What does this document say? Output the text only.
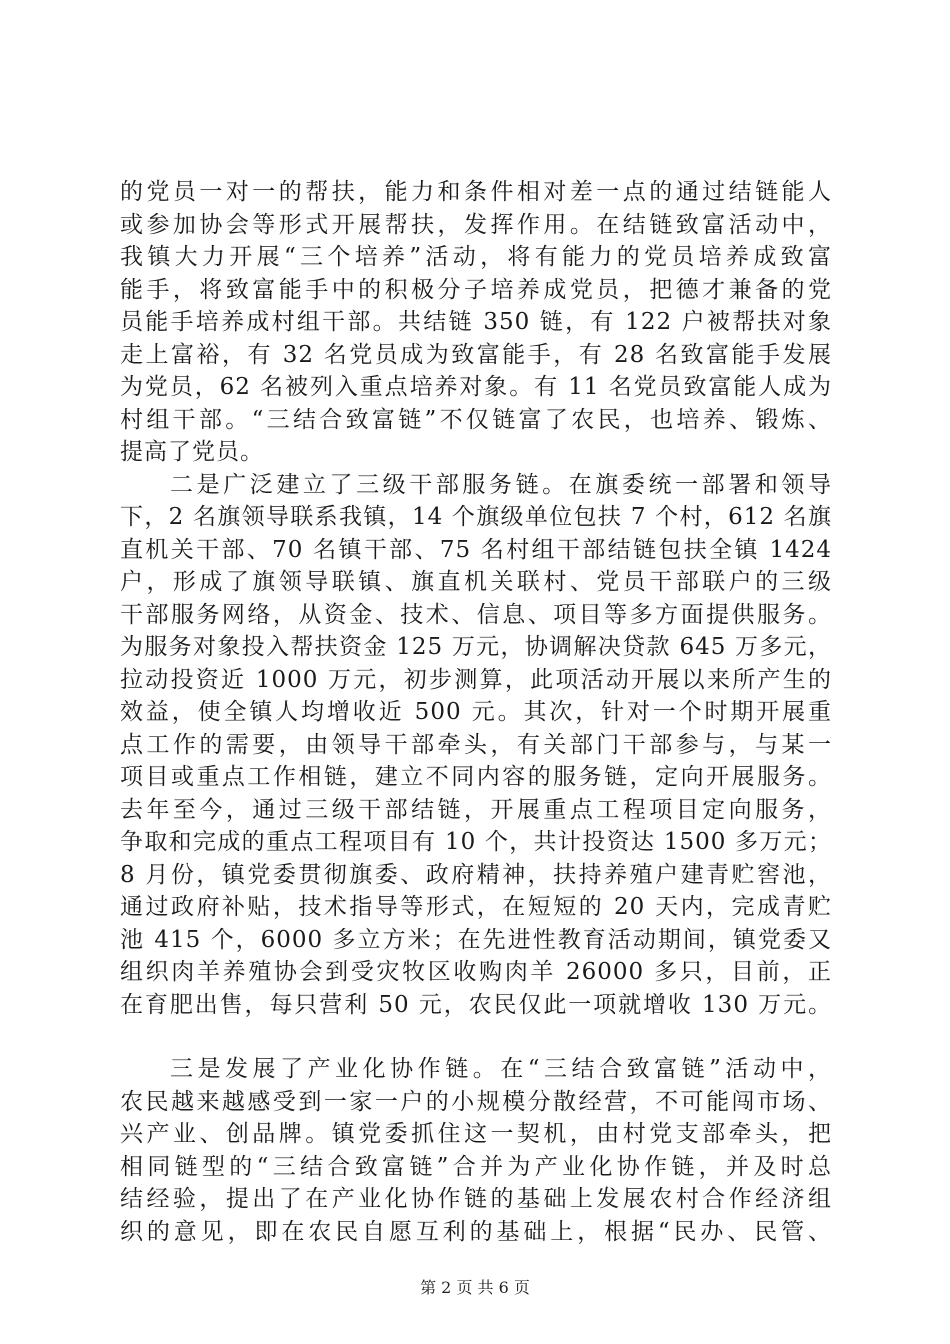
的党员一对一的帮扶，能力和条件相对差一点的通过结链能人
或参加协会等形式开展帮扶，发挥作用。在结链致富活动中，
我镇大力开展“三个培养”活动，将有能力的党员培养成致富
能手，将致富能手中的积极分子培养成党员，把德才兼备的党
员能手培养成村组干部。共结链 350 链，有 122 户被帮扶对象
走上富裕，有 32 名党员成为致富能手，有 28 名致富能手发展
为党员，62 名被列入重点培养对象。有 11 名党员致富能人成为
村组干部。“三结合致富链”不仅链富了农民，也培养、锻炼、
提高了党员。
二是广泛建立了三级干部服务链。在旗委统一部署和领导
下，2 名旗领导联系我镇，14 个旗级单位包扶 7 个村，612 名旗
直机关干部、70 名镇干部、75 名村组干部结链包扶全镇 1424
户，形成了旗领导联镇、旗直机关联村、党员干部联户的三级
干部服务网络，从资金、技术、信息、项目等多方面提供服务。
为服务对象投入帮扶资金 125 万元，协调解决贷款 645 万多元，
拉动投资近 1000 万元，初步测算，此项活动开展以来所产生的
效益，使全镇人均增收近 500 元。其次，针对一个时期开展重
点工作的需要，由领导干部牵头，有关部门干部参与，与某一
项目或重点工作相链，建立不同内容的服务链，定向开展服务。
去年至今，通过三级干部结链，开展重点工程项目定向服务，
争取和完成的重点工程项目有 10 个，共计投资达 1500 多万元；
8 月份，镇党委贯彻旗委、政府精神，扶持养殖户建青贮窖池，
通过政府补贴，技术指导等形式，在短短的 20 天内，完成青贮
池 415 个，6000 多立方米；在先进性教育活动期间，镇党委又
组织肉羊养殖协会到受灾牧区收购肉羊 26000 多只，目前，正
在育肥出售，每只营利 50 元，农民仅此一项就增收 130 万元。
三是发展了产业化协作链。在“三结合致富链”活动中，
农民越来越感受到一家一户的小规模分散经营，不可能闯市场、
兴产业、创品牌。镇党委抓住这一契机，由村党支部牵头，把
相同链型的“三结合致富链”合并为产业化协作链，并及时总
结经验，提出了在产业化协作链的基础上发展农村合作经济组
织的意见，即在农民自愿互利的基础上，根据“民办、民管、
第 2 页 共 6 页
